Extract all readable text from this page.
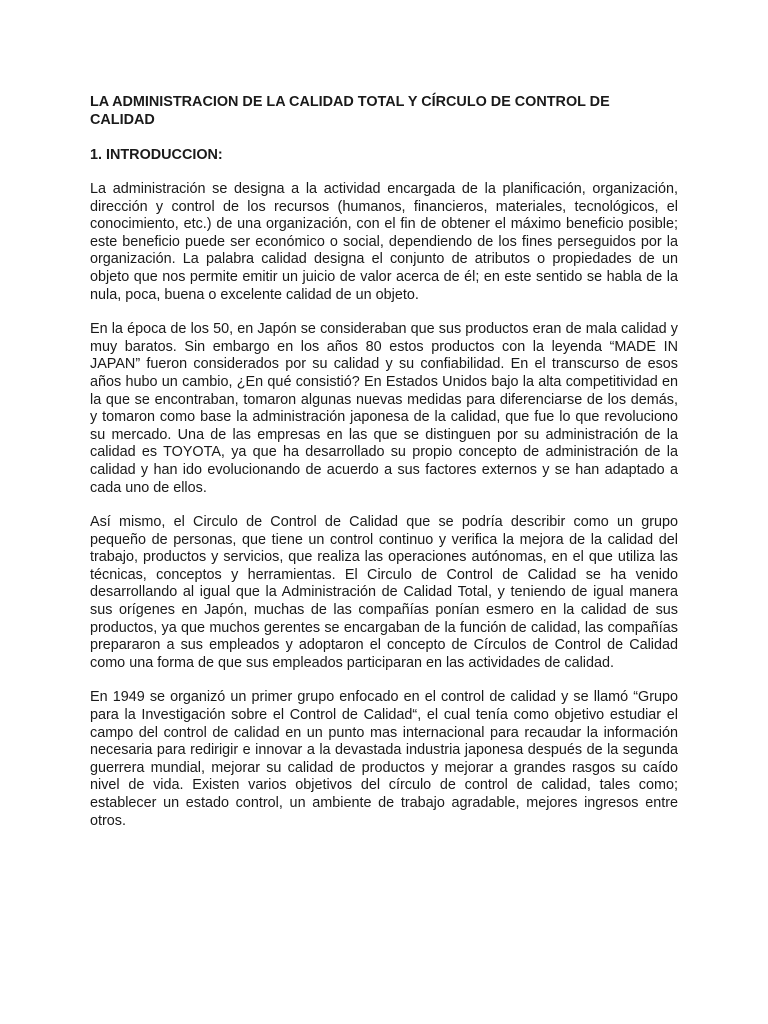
LA ADMINISTRACION DE LA CALIDAD TOTAL Y CÍRCULO DE CONTROL DE CALIDAD
1. INTRODUCCION:

La administración se designa a la actividad encargada de la planificación, organización, dirección y control de los recursos (humanos, financieros, materiales, tecnológicos, el conocimiento, etc.) de una organización, con el fin de obtener el máximo beneficio posible; este beneficio puede ser económico o social, dependiendo de los fines perseguidos por la organización. La palabra calidad designa el conjunto de atributos o propiedades de un objeto que nos permite emitir un juicio de valor acerca de él; en este sentido se habla de la nula, poca, buena o excelente calidad de un objeto.

En la época de los 50, en Japón se consideraban que sus productos eran de mala calidad y muy baratos. Sin embargo en los años 80 estos productos con la leyenda “MADE IN JAPAN” fueron considerados por su calidad y su confiabilidad. En el transcurso de esos años hubo un cambio, ¿En qué consistió? En Estados Unidos bajo la alta competitividad en la que se encontraban, tomaron algunas nuevas medidas para diferenciarse de los demás, y tomaron como base la administración japonesa de la calidad, que fue lo que revoluciono su mercado. Una de las empresas en las que se distinguen por su administración de la calidad es TOYOTA, ya que ha desarrollado su propio concepto de administración de la calidad y han ido evolucionando de acuerdo a sus factores externos y se han adaptado a cada uno de ellos.

Así mismo, el Circulo de Control de Calidad que se podría describir como un grupo pequeño de personas, que tiene un control continuo y verifica la mejora de la calidad del trabajo, productos y servicios, que realiza las operaciones autónomas, en el que utiliza las técnicas, conceptos y herramientas. El Circulo de Control de Calidad se ha venido desarrollando al igual que la Administración de Calidad Total, y teniendo de igual manera sus orígenes en Japón, muchas de las compañías ponían esmero en la calidad de sus productos, ya que muchos gerentes se encargaban de la función de calidad, las compañías prepararon a sus empleados y adoptaron el concepto de Círculos de Control de Calidad como una forma de que sus empleados participaran en las actividades de calidad.

En 1949 se organizó un primer grupo enfocado en el control de calidad y se llamó “Grupo para la Investigación sobre el Control de Calidad“, el cual tenía como objetivo estudiar el campo del control de calidad en un punto mas internacional para recaudar la información necesaria para redirigir e innovar a la devastada industria japonesa después de la segunda guerrera mundial, mejorar su calidad de productos y mejorar a grandes rasgos su caído nivel de vida. Existen varios objetivos del círculo de control de calidad, tales como; establecer un estado control, un ambiente de trabajo agradable, mejores ingresos entre otros.
